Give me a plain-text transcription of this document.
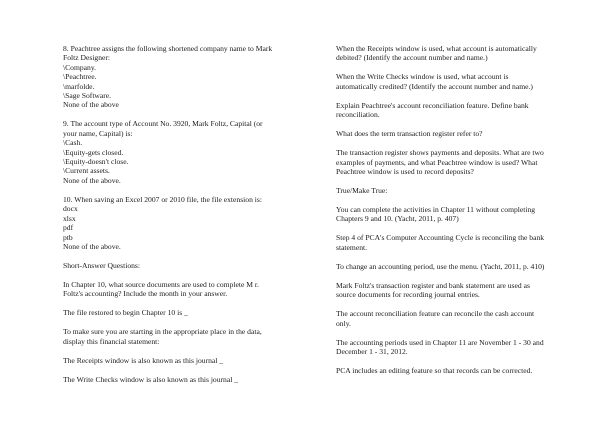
8. Peachtree assigns the following shortened company name to Mark
Foltz Designer:
\Company.
\Peachtree.
\marfolde.
\Sage Software.
None of the above
9. The account type of Account No. 3920, Mark Foltz, Capital (or
your name, Capital) is:
\Cash.
\Equity-gets closed.
\Equity-doesn't close.
\Current assets.
None of the above.
10. When saving an Excel 2007 or 2010 file, the file extension is:
docx
xlsx
pdf
ptb
None of the above.
Short-Answer Questions:
In Chapter 10, what source documents are used to complete M r.
Foltz's accounting? Include the month in your answer.
The file restored to begin Chapter 10 is _
To make sure you are starting in the appropriate place in the data,
display this financial statement:
The Receipts window is also known as this journal _
The Write Checks window is also known as this journal _
When the Receipts window is used, what account is automatically
debited? (Identify the account number and name.)
When the Write Checks window is used, what account is
automatically credited? (Identify the account number and name.)
Explain Peachtree's account reconciliation feature. Define bank
reconciliation.
What does the term transaction register refer to?
The transaction register shows payments and deposits. What are two
examples of payments, and what Peachtree window is used? What
Peachtree window is used to record deposits?
True/Make True:
You can complete the activities in Chapter 11 without completing
Chapters 9 and 10. (Yacht, 2011, p. 407)
Step 4 of PCA's Computer Accounting Cycle is reconciling the bank
statement.
To change an accounting period, use the menu. (Yacht, 2011, p. 410)
Mark Foltz's transaction register and bank statement are used as
source documents for recording journal entries.
The account reconciliation feature can reconcile the cash account
only.
The accounting periods used in Chapter 11 are November 1 - 30 and
December 1 - 31, 2012.
PCA includes an editing feature so that records can be corrected.
